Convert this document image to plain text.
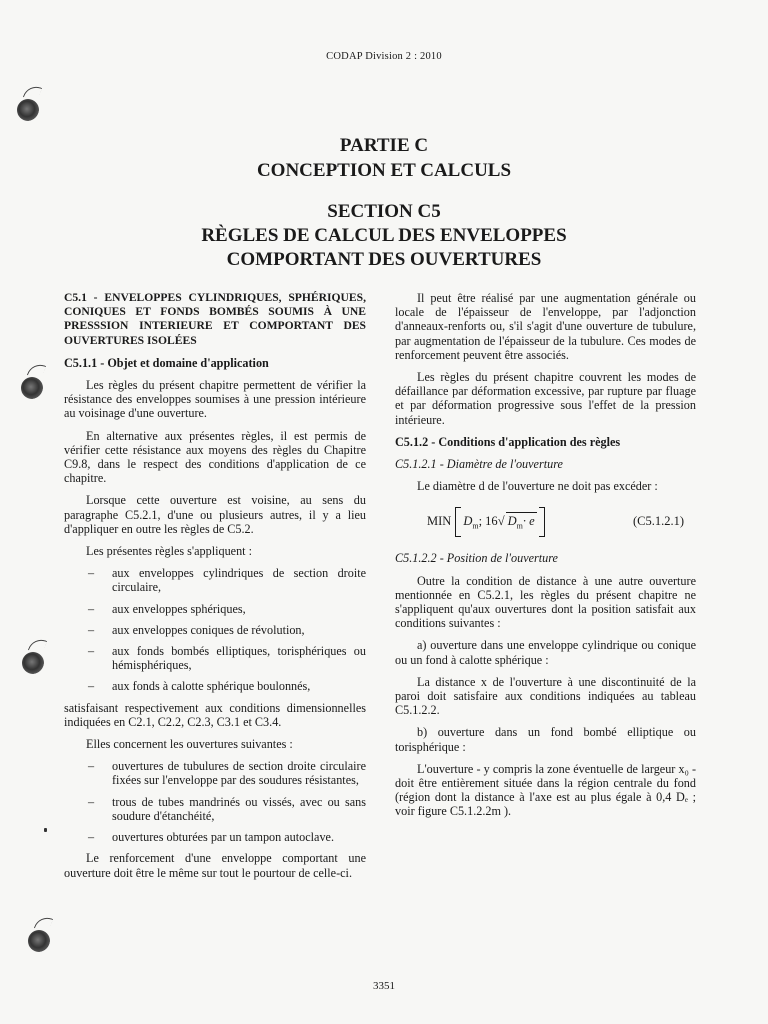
CODAP Division 2 : 2010
PARTIE C
CONCEPTION ET CALCULS
SECTION C5
RÈGLES DE CALCUL DES ENVELOPPES
COMPORTANT DES OUVERTURES

C5.1 - ENVELOPPES CYLINDRIQUES, SPHÉRIQUES, CONIQUES ET FONDS BOMBÉS SOUMIS À UNE PRESSSION INTERIEURE ET COMPORTANT DES OUVERTURES ISOLÉES

C5.1.1 - Objet et domaine d'application

Les règles du présent chapitre permettent de vérifier la résistance des enveloppes soumises à une pression intérieure au voisinage d'une ouverture.

En alternative aux présentes règles, il est permis de vérifier cette résistance aux moyens des règles du Chapitre C9.8, dans le respect des conditions d'application de ce chapitre.

Lorsque cette ouverture est voisine, au sens du paragraphe C5.2.1, d'une ou plusieurs autres, il y a lieu d'appliquer en outre les règles de C5.2.

Les présentes règles s'appliquent :

– aux enveloppes cylindriques de section droite circulaire,
– aux enveloppes sphériques,
– aux enveloppes coniques de révolution,
– aux fonds bombés elliptiques, torisphériques ou hémisphériques,
– aux fonds à calotte sphérique boulonnés,

satisfaisant respectivement aux conditions dimensionnelles indiquées en C2.1, C2.2, C2.3, C3.1 et C3.4.

Elles concernent les ouvertures suivantes :

– ouvertures de tubulures de section droite circulaire fixées sur l'enveloppe par des soudures résistantes,
– trous de tubes mandrinés ou vissés, avec ou sans soudure d'étanchéité,
– ouvertures obturées par un tampon autoclave.

Le renforcement d'une enveloppe comportant une ouverture doit être le même sur tout le pourtour de celle-ci.

Il peut être réalisé par une augmentation générale ou locale de l'épaisseur de l'enveloppe, par l'adjonction d'anneaux-renforts ou, s'il s'agit d'une ouverture de tubulure, par augmentation de l'épaisseur de la tubulure. Ces modes de renforcement peuvent être associés.

Les règles du présent chapitre couvrent les modes de défaillance par déformation excessive, par rupture par fluage et par déformation progressive sous l'effet de la pression intérieure.

C5.1.2 - Conditions d'application des règles

C5.1.2.1 - Diamètre de l'ouverture

Le diamètre d de l'ouverture ne doit pas excéder :

MIN $D_m$; 16√ $D_m\cdot e$	(C5.1.2.1)

C5.1.2.2 - Position de l'ouverture

Outre la condition de distance à une autre ouverture mentionnée en C5.2.1, les règles du présent chapitre ne s'appliquent qu'aux ouvertures dont la position satisfait aux conditions suivantes :

a) ouverture dans une enveloppe cylindrique ou conique ou un fond à calotte sphérique :

La distance x de l'ouverture à une discontinuité de la paroi doit satisfaire aux conditions indiquées au tableau C5.1.2.2.

b) ouverture dans un fond bombé elliptique ou torisphérique :

L'ouverture - y compris la zone éventuelle de largeur x₀ - doit être entièrement située dans la région centrale du fond (région dont la distance à l'axe est au plus égale à 0,4 Dₑ ; voir figure C5.1.2.2m ).

3351
